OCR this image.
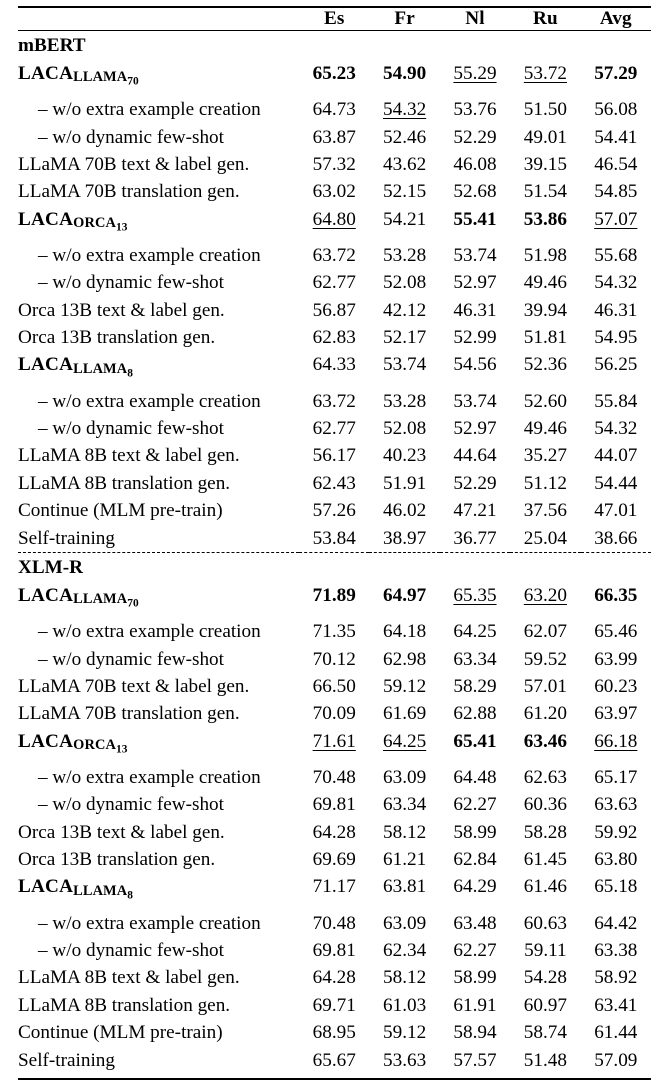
	Es	Fr	Nl	Ru	Avg

mBERT					
$LACALLAMA_{70}$	65.23	54.90	55.29	53.72	57.29
– w/o extra example creation	64.73	54.32	53.76	51.50	56.08
– w/o dynamic few-shot	63.87	52.46	52.29	49.01	54.41
LLaMA 70B text & label gen.	57.32	43.62	46.08	39.15	46.54
LLaMA 70B translation gen.	63.02	52.15	52.68	51.54	54.85
$LACAORCA_{13}$	64.80	54.21	55.41	53.86	57.07
– w/o extra example creation	63.72	53.28	53.74	51.98	55.68
– w/o dynamic few-shot	62.77	52.08	52.97	49.46	54.32
Orca 13B text & label gen.	56.87	42.12	46.31	39.94	46.31
Orca 13B translation gen.	62.83	52.17	52.99	51.81	54.95
$LACALLAMA_8$	64.33	53.74	54.56	52.36	56.25
– w/o extra example creation	63.72	53.28	53.74	52.60	55.84
– w/o dynamic few-shot	62.77	52.08	52.97	49.46	54.32
LLaMA 8B text & label gen.	56.17	40.23	44.64	35.27	44.07
LLaMA 8B translation gen.	62.43	51.91	52.29	51.12	54.44
Continue (MLM pre-train)	57.26	46.02	47.21	37.56	47.01
Self-training	53.84	38.97	36.77	25.04	38.66

XLM-R					
$LACALLAMA_{70}$	71.89	64.97	65.35	63.20	66.35
– w/o extra example creation	71.35	64.18	64.25	62.07	65.46
– w/o dynamic few-shot	70.12	62.98	63.34	59.52	63.99
LLaMA 70B text & label gen.	66.50	59.12	58.29	57.01	60.23
LLaMA 70B translation gen.	70.09	61.69	62.88	61.20	63.97
$LACAORCA_{13}$	71.61	64.25	65.41	63.46	66.18
– w/o extra example creation	70.48	63.09	64.48	62.63	65.17
– w/o dynamic few-shot	69.81	63.34	62.27	60.36	63.63
Orca 13B text & label gen.	64.28	58.12	58.99	58.28	59.92
Orca 13B translation gen.	69.69	61.21	62.84	61.45	63.80
$LACALLAMA_8$	71.17	63.81	64.29	61.46	65.18
– w/o extra example creation	70.48	63.09	63.48	60.63	64.42
– w/o dynamic few-shot	69.81	62.34	62.27	59.11	63.38
LLaMA 8B text & label gen.	64.28	58.12	58.99	54.28	58.92
LLaMA 8B translation gen.	69.71	61.03	61.91	60.97	63.41
Continue (MLM pre-train)	68.95	59.12	58.94	58.74	61.44
Self-training	65.67	53.63	57.57	51.48	57.09
